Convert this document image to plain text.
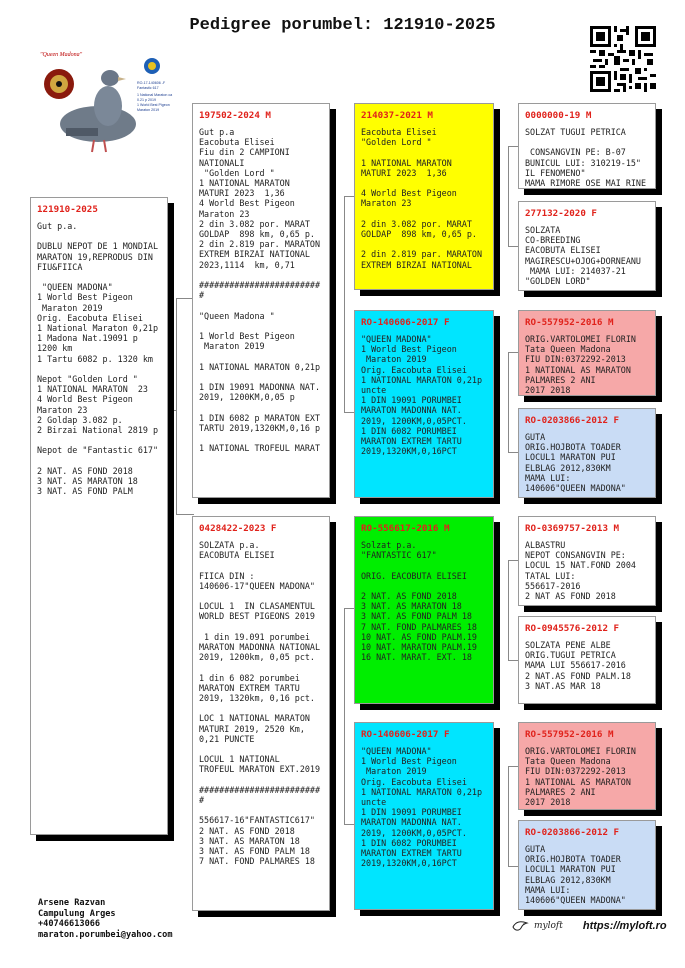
Pedigree porumbel: 121910-2025
"Queen Madona"
RO-17-140606 -F
Fantastic 617
1 National Maraton ca
0.21 p 2019
1 World Best Pigeon
Maraton 2019
121910-2025
Gut p.a.

DUBLU NEPOT DE 1 MONDIAL MARATON 19,REPRODUS DIN FIU&FIICA

"QUEEN MADONA"
1 World Best Pigeon
Maraton 2019
Orig. Eacobuta Elisei
1 National Maraton 0,21p
1 Madona Nat.19091 p
1200 km
1 Tartu 6082 p. 1320 km

Nepot "Golden Lord "
1 NATIONAL MARATON  23
4 World Best Pigeon
Maraton 23
2 Goldap 3.082 p.
2 Birzai National 2819 p

Nepot de "Fantastic 617"

2 NAT. AS FOND 2018
3 NAT. AS MARATON 18
3 NAT. AS FOND PALM
197502-2024 M
Gut p.a
Eacobuta Elisei
Fiu din 2 CAMPIONI NATIONALI
"Golden Lord "
1 NATIONAL MARATON
MATURI 2023  1,36
4 World Best Pigeon
Maraton 23
2 din 3.082 por. MARAT
GOLDAP  898 km, 0,65 p.
2 din 2.819 par. MARATON
EXTREM BIRZAI NATIONAL
2023,1114  km, 0,71

#########################

"Queen Madona "

1 World Best Pigeon
Maraton 2019

1 NATIONAL MARATON 0,21p

1 DIN 19091 MADONNA NAT.
2019, 1200KM,0,05 p

1 DIN 6082 p MARATON EXT
TARTU 2019,1320KM,0,16 p

1 NATIONAL TROFEUL MARAT
0428422-2023 F
SOLZATA p.a.
EACOBUTA ELISEI

FIICA DIN :
140606-17"QUEEN MADONA"

LOCUL 1  IN CLASAMENTUL
WORLD BEST PIGEONS 2019

1 din 19.091 porumbei
MARATON MADONNA NATIONAL
2019, 1200km, 0,05 pct.

1 din 6 082 porumbei
MARATON EXTREM TARTU
2019, 1320km, 0,16 pct.

LOC 1 NATIONAL MARATON
MATURI 2019, 2520 Km,
0,21 PUNCTE

LOCUL 1 NATIONAL
TROFEUL MARATON EXT.2019

#########################

556617-16"FANTASTIC617"
2 NAT. AS FOND 2018
3 NAT. AS MARATON 18
3 NAT. AS FOND PALM 18
7 NAT. FOND PALMARES 18
214037-2021 M
Eacobuta Elisei
"Golden Lord "

1 NATIONAL MARATON
MATURI 2023  1,36

4 World Best Pigeon
Maraton 23

2 din 3.082 por. MARAT
GOLDAP  898 km, 0,65 p.

2 din 2.819 par. MARATON
EXTREM BIRZAI NATIONAL
RO-140606-2017 F
"QUEEN MADONA"
1 World Best Pigeon
Maraton 2019
Orig. Eacobuta Elisei
1 NATIONAL MARATON 0,21p
uncte
1 DIN 19091 PORUMBEI
MARATON MADONNA NAT.
2019, 1200KM,0,05PCT.
1 DIN 6082 PORUMBEI
MARATON EXTREM TARTU
2019,1320KM,0,16PCT
RO-556617-2016 M
Solzat p.a.
"FANTASTIC 617"

ORIG. EACOBUTA ELISEI

2 NAT. AS FOND 2018
3 NAT. AS MARATON 18
3 NAT. AS FOND PALM 18
7 NAT. FOND PALMARES 18
10 NAT. AS FOND PALM.19
10 NAT. MARATON PALM.19
16 NAT. MARAT. EXT. 18
RO-140606-2017 F
"QUEEN MADONA"
1 World Best Pigeon
Maraton 2019
Orig. Eacobuta Elisei
1 NATIONAL MARATON 0,21p
uncte
1 DIN 19091 PORUMBEI
MARATON MADONNA NAT.
2019, 1200KM,0,05PCT.
1 DIN 6082 PORUMBEI
MARATON EXTREM TARTU
2019,1320KM,0,16PCT
0000000-19 M
SOLZAT TUGUI PETRICA

CONSANGVIN PE: B-07
BUNICUL LUI: 310219-15"
IL FENOMENO"
MAMA RIMORE OSE MAI RINE
277132-2020 F
SOLZATA
CO-BREEDING
EACOBUTA ELISEI
MAGIRESCU+OJOG+DORNEANU
MAMA LUI: 214037-21
"GOLDEN LORD"
RO-557952-2016 M
ORIG.VARTOLOMEI FLORIN
Tata Queen Madona
FIU DIN:0372292-2013
1 NATIONAL AS MARATON
PALMARES 2 ANI
2017 2018
RO-0203866-2012 F
GUTA
ORIG.HOJBOTA TOADER
LOCUL1 MARATON PUI
ELBLAG 2012,830KM
MAMA LUI:
140606"QUEEN MADONA"
RO-0369757-2013 M
ALBASTRU
NEPOT CONSANGVIN PE:
LOCUL 15 NAT.FOND 2004
TATAL LUI:
556617-2016
2 NAT AS FOND 2018
RO-0945576-2012 F
SOLZATA PENE ALBE
ORIG.TUGUI PETRICA
MAMA LUI 556617-2016
2 NAT.AS FOND PALM.18
3 NAT.AS MAR 18
RO-557952-2016 M
ORIG.VARTOLOMEI FLORIN
Tata Queen Madona
FIU DIN:0372292-2013
1 NATIONAL AS MARATON
PALMARES 2 ANI
2017 2018
RO-0203866-2012 F
GUTA
ORIG.HOJBOTA TOADER
LOCUL1 MARATON PUI
ELBLAG 2012,830KM
MAMA LUI:
140606"QUEEN MADONA"
Arsene Razvan
Campulung Arges
+40746613066
maraton.porumbei@yahoo.com
myloft https://myloft.ro
